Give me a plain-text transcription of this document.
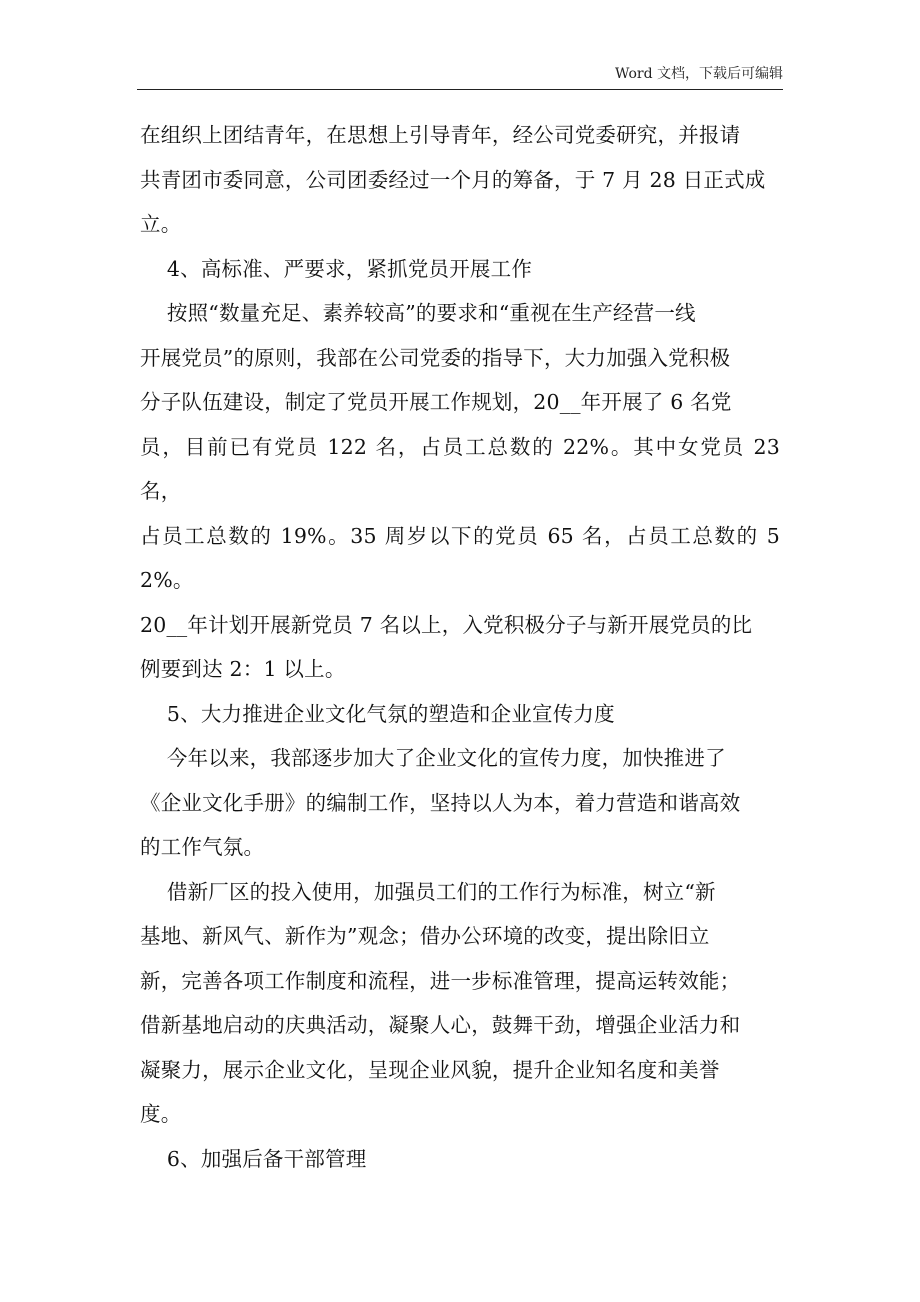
Word 文档，下载后可编辑
在组织上团结青年，在思想上引导青年，经公司党委研究，并报请
共青团市委同意，公司团委经过一个月的筹备，于 7 月 28 日正式成
立。
4、高标准、严要求，紧抓党员开展工作
按照“数量充足、素养较高”的要求和“重视在生产经营一线
开展党员”的原则，我部在公司党委的指导下，大力加强入党积极
分子队伍建设，制定了党员开展工作规划，20__年开展了 6 名党
员，目前已有党员 122 名，占员工总数的 22%。其中女党员 23 名，
占员工总数的 19%。35 周岁以下的党员 65 名，占员工总数的 52%。
20__年计划开展新党员 7 名以上，入党积极分子与新开展党员的比
例要到达 2：1 以上。
5、大力推进企业文化气氛的塑造和企业宣传力度
今年以来，我部逐步加大了企业文化的宣传力度，加快推进了
《企业文化手册》的编制工作，坚持以人为本，着力营造和谐高效
的工作气氛。
借新厂区的投入使用，加强员工们的工作行为标准，树立“新
基地、新风气、新作为”观念；借办公环境的改变，提出除旧立
新，完善各项工作制度和流程，进一步标准管理，提高运转效能；
借新基地启动的庆典活动，凝聚人心，鼓舞干劲，增强企业活力和
凝聚力，展示企业文化，呈现企业风貌，提升企业知名度和美誉
度。
6、加强后备干部管理
